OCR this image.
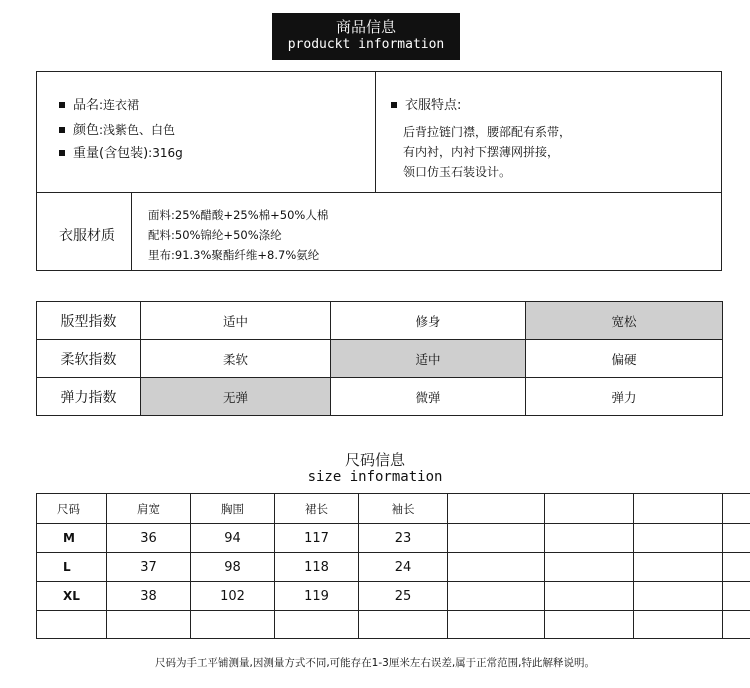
商品信息
produckt information
品名:连衣裙
颜色:浅紫色、白色
重量(含包装):316g
衣服特点:
后背拉链门襟，腰部配有系带，
有内衬，内衬下摆薄网拼接，
领口仿玉石装设计。
衣服材质
面料:25%醋酸+25%棉+50%人棉
配料:50%锦纶+50%涤纶
里布:91.3%聚酯纤维+8.7%氨纶
版型指数	适中	修身	宽松
柔软指数	柔软	适中	偏硬
弹力指数	无弹	微弹	弹力
尺码信息
size information
尺码	肩宽	胸围	裙长	袖长				
M	36	94	117	23				
L	37	98	118	24				
XL	38	102	119	25				

尺码为手工平铺测量,因测量方式不同,可能存在1-3厘米左右误差,属于正常范围,特此解释说明。
